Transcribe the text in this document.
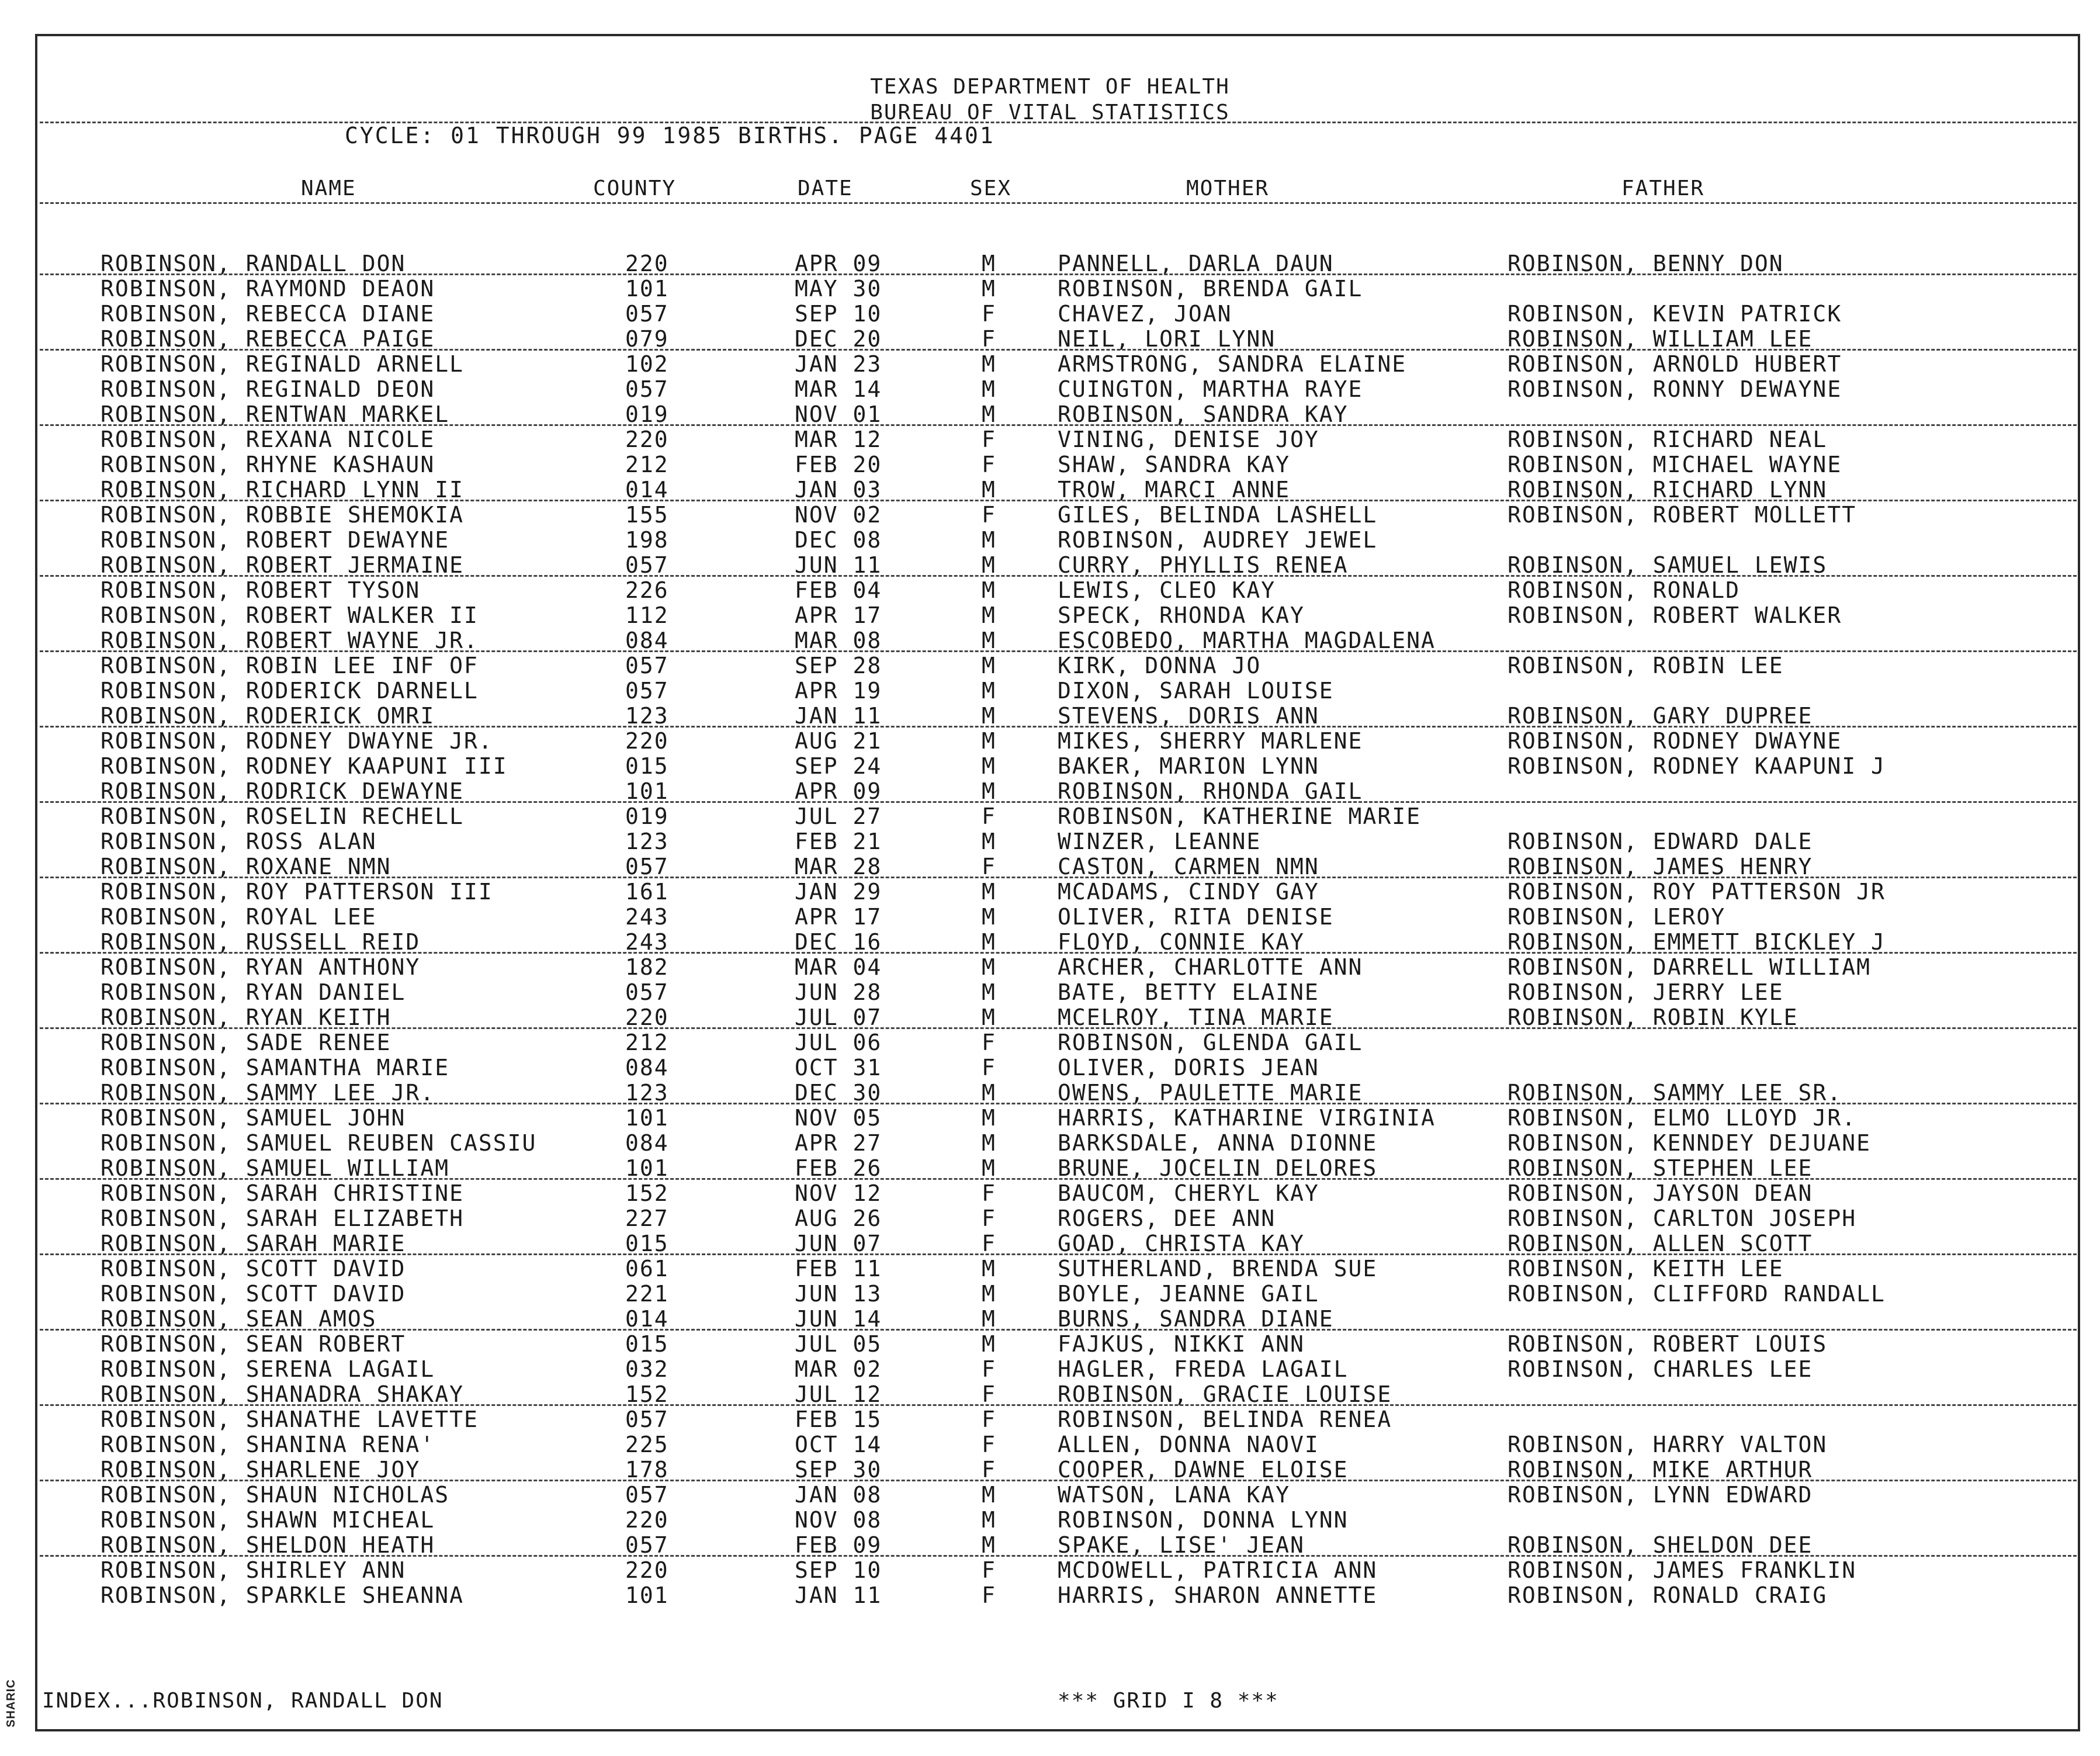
SHARIC
TEXAS DEPARTMENT OF HEALTH
BUREAU OF VITAL STATISTICS
CYCLE: 01 THROUGH 99 1985 BIRTHS. PAGE 4401
NAME	COUNTY	DATE	SEX	MOTHER	FATHER
ROBINSON, RANDALL DON	220	APR 09	M	PANNELL, DARLA DAUN	ROBINSON, BENNY DON
ROBINSON, RAYMOND DEAON	101	MAY 30	M	ROBINSON, BRENDA GAIL
ROBINSON, REBECCA DIANE	057	SEP 10	F	CHAVEZ, JOAN	ROBINSON, KEVIN PATRICK
ROBINSON, REBECCA PAIGE	079	DEC 20	F	NEIL, LORI LYNN	ROBINSON, WILLIAM LEE
ROBINSON, REGINALD ARNELL	102	JAN 23	M	ARMSTRONG, SANDRA ELAINE	ROBINSON, ARNOLD HUBERT
ROBINSON, REGINALD DEON	057	MAR 14	M	CUINGTON, MARTHA RAYE	ROBINSON, RONNY DEWAYNE
ROBINSON, RENTWAN MARKEL	019	NOV 01	M	ROBINSON, SANDRA KAY
ROBINSON, REXANA NICOLE	220	MAR 12	F	VINING, DENISE JOY	ROBINSON, RICHARD NEAL
ROBINSON, RHYNE KASHAUN	212	FEB 20	F	SHAW, SANDRA KAY	ROBINSON, MICHAEL WAYNE
ROBINSON, RICHARD LYNN II	014	JAN 03	M	TROW, MARCI ANNE	ROBINSON, RICHARD LYNN
ROBINSON, ROBBIE SHEMOKIA	155	NOV 02	F	GILES, BELINDA LASHELL	ROBINSON, ROBERT MOLLETT
ROBINSON, ROBERT DEWAYNE	198	DEC 08	M	ROBINSON, AUDREY JEWEL
ROBINSON, ROBERT JERMAINE	057	JUN 11	M	CURRY, PHYLLIS RENEA	ROBINSON, SAMUEL LEWIS
ROBINSON, ROBERT TYSON	226	FEB 04	M	LEWIS, CLEO KAY	ROBINSON, RONALD
ROBINSON, ROBERT WALKER II	112	APR 17	M	SPECK, RHONDA KAY	ROBINSON, ROBERT WALKER
ROBINSON, ROBERT WAYNE JR.	084	MAR 08	M	ESCOBEDO, MARTHA MAGDALENA
ROBINSON, ROBIN LEE INF OF	057	SEP 28	M	KIRK, DONNA JO	ROBINSON, ROBIN LEE
ROBINSON, RODERICK DARNELL	057	APR 19	M	DIXON, SARAH LOUISE
ROBINSON, RODERICK OMRI	123	JAN 11	M	STEVENS, DORIS ANN	ROBINSON, GARY DUPREE
ROBINSON, RODNEY DWAYNE JR.	220	AUG 21	M	MIKES, SHERRY MARLENE	ROBINSON, RODNEY DWAYNE
ROBINSON, RODNEY KAAPUNI III	015	SEP 24	M	BAKER, MARION LYNN	ROBINSON, RODNEY KAAPUNI J
ROBINSON, RODRICK DEWAYNE	101	APR 09	M	ROBINSON, RHONDA GAIL
ROBINSON, ROSELIN RECHELL	019	JUL 27	F	ROBINSON, KATHERINE MARIE
ROBINSON, ROSS ALAN	123	FEB 21	M	WINZER, LEANNE	ROBINSON, EDWARD DALE
ROBINSON, ROXANE NMN	057	MAR 28	F	CASTON, CARMEN NMN	ROBINSON, JAMES HENRY
ROBINSON, ROY PATTERSON III	161	JAN 29	M	MCADAMS, CINDY GAY	ROBINSON, ROY PATTERSON JR
ROBINSON, ROYAL LEE	243	APR 17	M	OLIVER, RITA DENISE	ROBINSON, LEROY
ROBINSON, RUSSELL REID	243	DEC 16	M	FLOYD, CONNIE KAY	ROBINSON, EMMETT BICKLEY J
ROBINSON, RYAN ANTHONY	182	MAR 04	M	ARCHER, CHARLOTTE ANN	ROBINSON, DARRELL WILLIAM
ROBINSON, RYAN DANIEL	057	JUN 28	M	BATE, BETTY ELAINE	ROBINSON, JERRY LEE
ROBINSON, RYAN KEITH	220	JUL 07	M	MCELROY, TINA MARIE	ROBINSON, ROBIN KYLE
ROBINSON, SADE RENEE	212	JUL 06	F	ROBINSON, GLENDA GAIL
ROBINSON, SAMANTHA MARIE	084	OCT 31	F	OLIVER, DORIS JEAN
ROBINSON, SAMMY LEE JR.	123	DEC 30	M	OWENS, PAULETTE MARIE	ROBINSON, SAMMY LEE SR.
ROBINSON, SAMUEL JOHN	101	NOV 05	M	HARRIS, KATHARINE VIRGINIA	ROBINSON, ELMO LLOYD JR.
ROBINSON, SAMUEL REUBEN CASSIU	084	APR 27	M	BARKSDALE, ANNA DIONNE	ROBINSON, KENNDEY DEJUANE
ROBINSON, SAMUEL WILLIAM	101	FEB 26	M	BRUNE, JOCELIN DELORES	ROBINSON, STEPHEN LEE
ROBINSON, SARAH CHRISTINE	152	NOV 12	F	BAUCOM, CHERYL KAY	ROBINSON, JAYSON DEAN
ROBINSON, SARAH ELIZABETH	227	AUG 26	F	ROGERS, DEE ANN	ROBINSON, CARLTON JOSEPH
ROBINSON, SARAH MARIE	015	JUN 07	F	GOAD, CHRISTA KAY	ROBINSON, ALLEN SCOTT
ROBINSON, SCOTT DAVID	061	FEB 11	M	SUTHERLAND, BRENDA SUE	ROBINSON, KEITH LEE
ROBINSON, SCOTT DAVID	221	JUN 13	M	BOYLE, JEANNE GAIL	ROBINSON, CLIFFORD RANDALL
ROBINSON, SEAN AMOS	014	JUN 14	M	BURNS, SANDRA DIANE
ROBINSON, SEAN ROBERT	015	JUL 05	M	FAJKUS, NIKKI ANN	ROBINSON, ROBERT LOUIS
ROBINSON, SERENA LAGAIL	032	MAR 02	F	HAGLER, FREDA LAGAIL	ROBINSON, CHARLES LEE
ROBINSON, SHANADRA SHAKAY	152	JUL 12	F	ROBINSON, GRACIE LOUISE
ROBINSON, SHANATHE LAVETTE	057	FEB 15	F	ROBINSON, BELINDA RENEA
ROBINSON, SHANINA RENA'	225	OCT 14	F	ALLEN, DONNA NAOVI	ROBINSON, HARRY VALTON
ROBINSON, SHARLENE JOY	178	SEP 30	F	COOPER, DAWNE ELOISE	ROBINSON, MIKE ARTHUR
ROBINSON, SHAUN NICHOLAS	057	JAN 08	M	WATSON, LANA KAY	ROBINSON, LYNN EDWARD
ROBINSON, SHAWN MICHEAL	220	NOV 08	M	ROBINSON, DONNA LYNN
ROBINSON, SHELDON HEATH	057	FEB 09	M	SPAKE, LISE' JEAN	ROBINSON, SHELDON DEE
ROBINSON, SHIRLEY ANN	220	SEP 10	F	MCDOWELL, PATRICIA ANN	ROBINSON, JAMES FRANKLIN
ROBINSON, SPARKLE SHEANNA	101	JAN 11	F	HARRIS, SHARON ANNETTE	ROBINSON, RONALD CRAIG
INDEX...ROBINSON, RANDALL DON	*** GRID I 8 ***
